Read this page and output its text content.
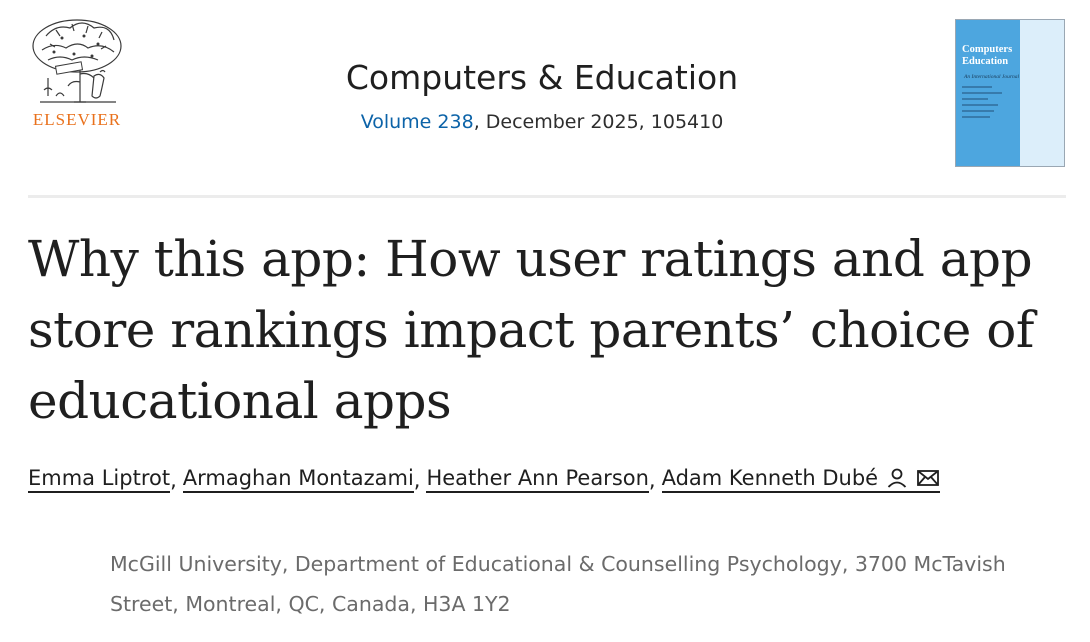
ELSEVIER
Computers & Education
Volume 238, December 2025, 105410
Computers
Education
An International Journal
Why this app: How user ratings and app store rankings impact parents’ choice of educational apps
Emma Liptrot , Armaghan Montazami , Heather Ann Pearson , Adam Kenneth Dubé
McGill University, Department of Educational & Counselling Psychology, 3700 McTavish Street, Montreal, QC, Canada, H3A 1Y2
